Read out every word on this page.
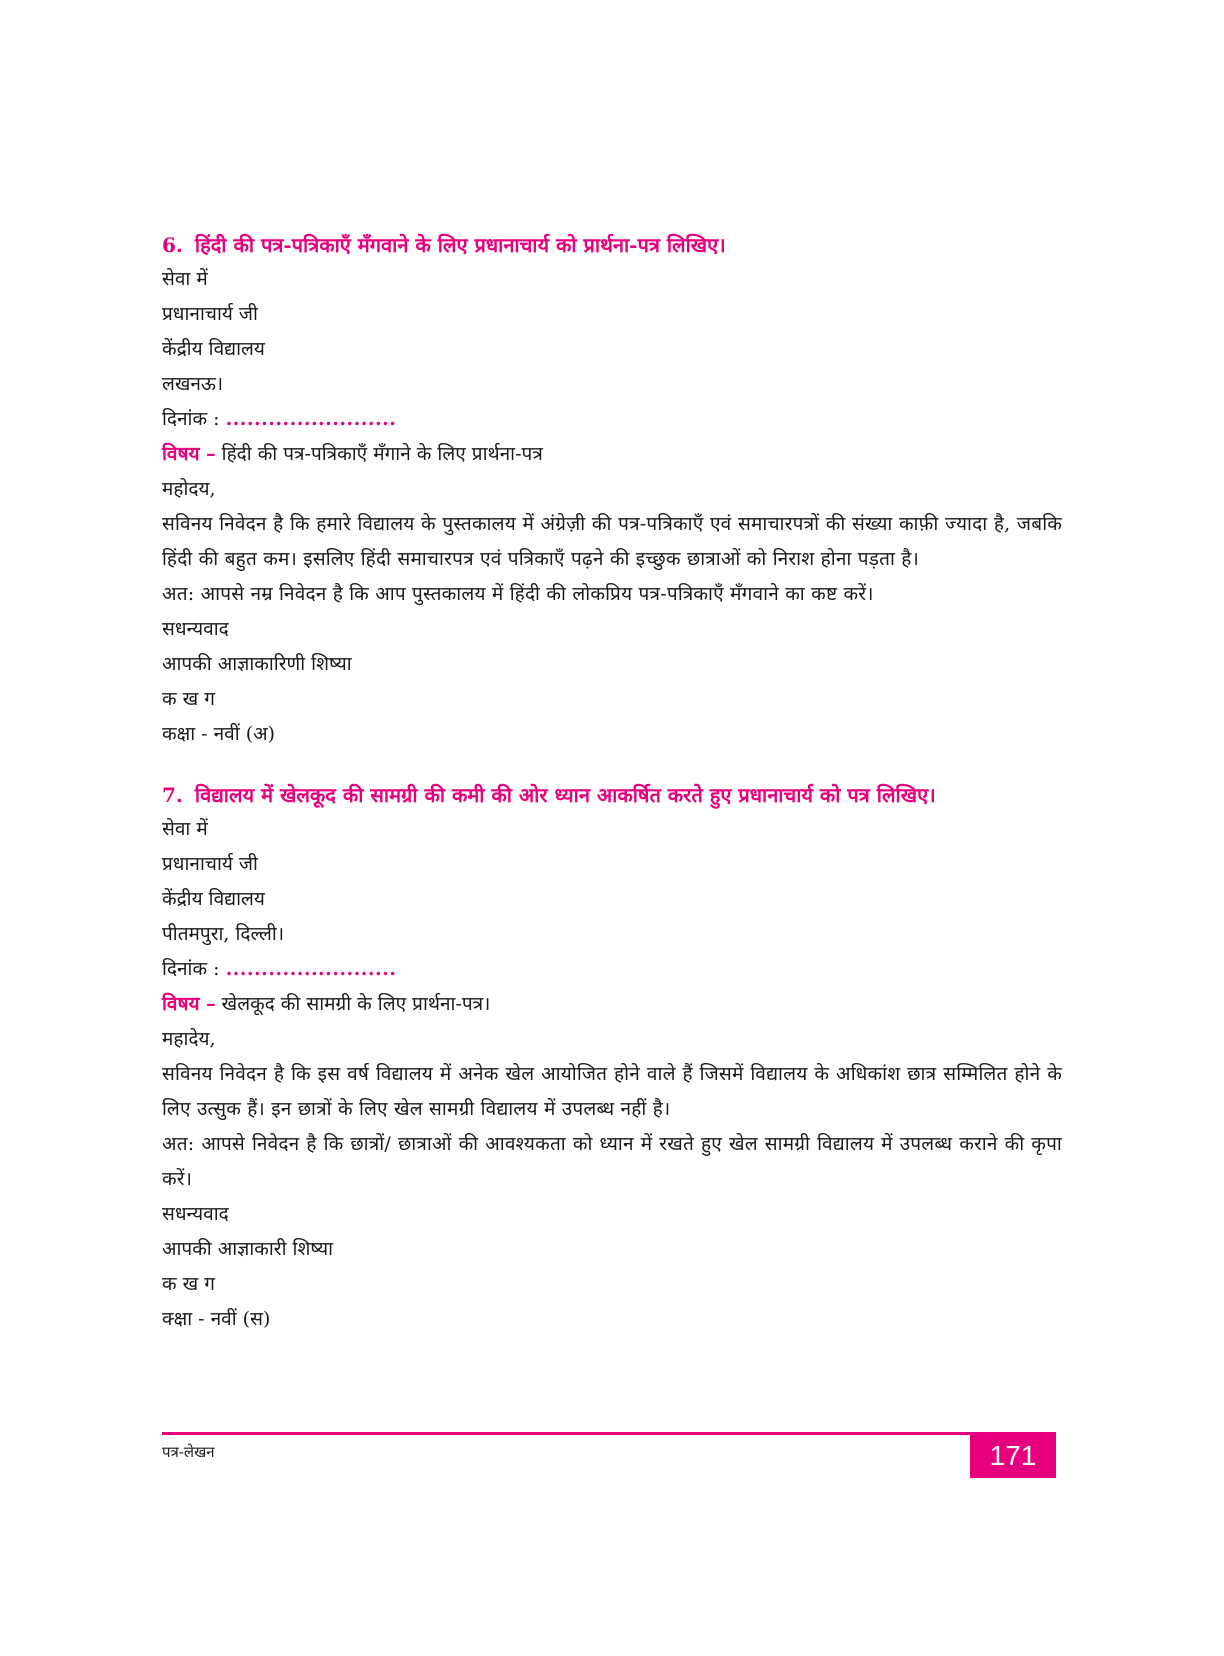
6. हिंदी की पत्र-पत्रिकाएँ मँगवाने के लिए प्रधानाचार्य को प्रार्थना-पत्र लिखिए।
सेवा में
प्रधानाचार्य जी
केंद्रीय विद्यालय
लखनऊ।
दिनांक : ........................
विषय – हिंदी की पत्र-पत्रिकाएँ मँगाने के लिए प्रार्थना-पत्र
महोदय,
सविनय निवेदन है कि हमारे विद्यालय के पुस्तकालय में अंग्रेज़ी की पत्र-पत्रिकाएँ एवं समाचारपत्रों की संख्या काफ़ी ज्यादा है, जबकि हिंदी की बहुत कम। इसलिए हिंदी समाचारपत्र एवं पत्रिकाएँ पढ़ने की इच्छुक छात्राओं को निराश होना पड़ता है।
अत: आपसे नम्र निवेदन है कि आप पुस्तकालय में हिंदी की लोकप्रिय पत्र-पत्रिकाएँ मँगवाने का कष्ट करें।
सधन्यवाद
आपकी आज्ञाकारिणी शिष्या
क ख ग
कक्षा - नवीं (अ)
7. विद्यालय में खेलकूद की सामग्री की कमी की ओर ध्यान आकर्षित करते हुए प्रधानाचार्य को पत्र लिखिए।
सेवा में
प्रधानाचार्य जी
केंद्रीय विद्यालय
पीतमपुरा, दिल्ली।
दिनांक : ........................
विषय – खेलकूद की सामग्री के लिए प्रार्थना-पत्र।
महादेय,
सविनय निवेदन है कि इस वर्ष विद्यालय में अनेक खेल आयोजित होने वाले हैं जिसमें विद्यालय के अधिकांश छात्र सम्मिलित होने के लिए उत्सुक हैं। इन छात्रों के लिए खेल सामग्री विद्यालय में उपलब्ध नहीं है।
अत: आपसे निवेदन है कि छात्रों/ छात्राओं की आवश्यकता को ध्यान में रखते हुए खेल सामग्री विद्यालय में उपलब्ध कराने की कृपा करें।
सधन्यवाद
आपकी आज्ञाकारी शिष्या
क ख ग
क्क्षा - नवीं (स)
पत्र-लेखन	171
